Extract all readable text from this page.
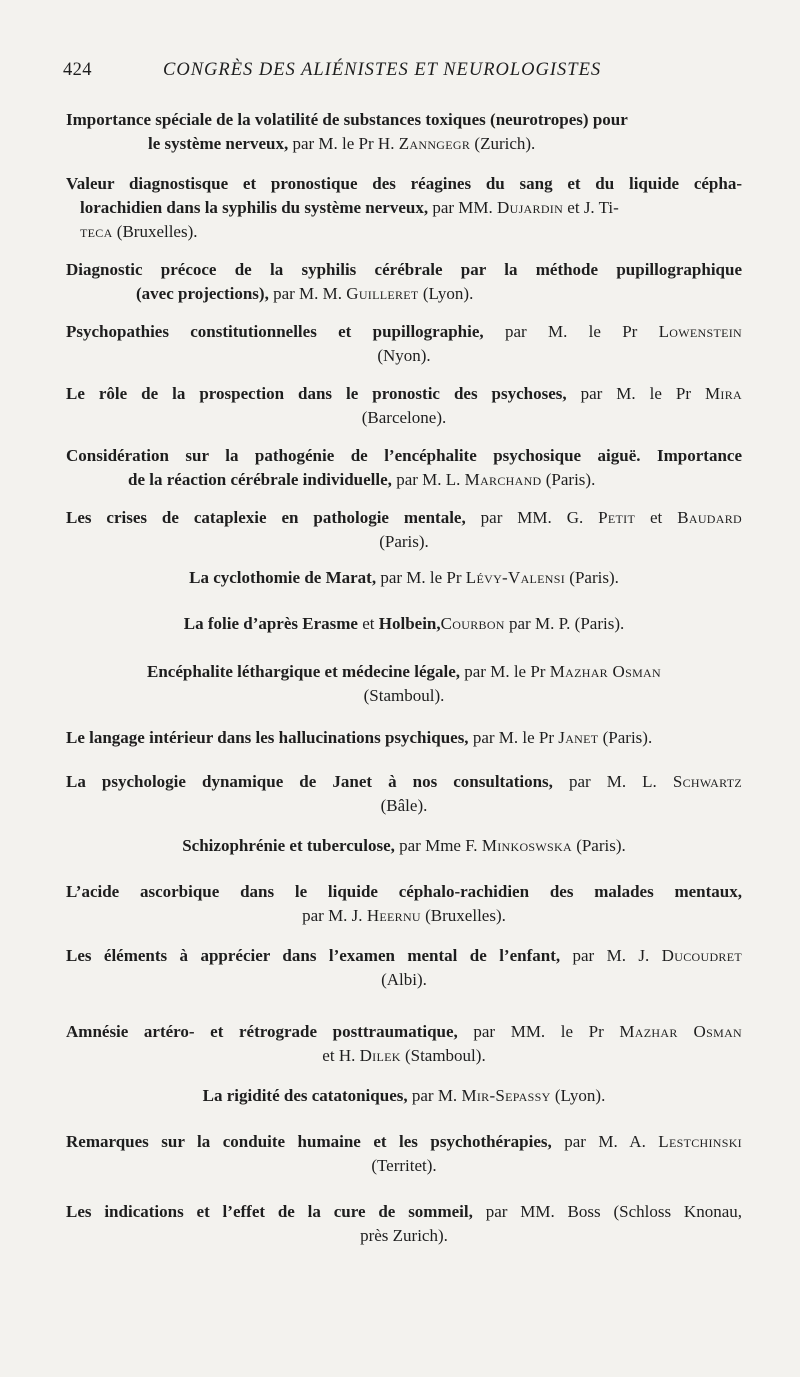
424	CONGRÈS DES ALIÉNISTES ET NEUROLOGISTES
Importance spéciale de la volatilité de substances toxiques (neurotropes) pour
le système nerveux, par M. le Pr H. Zanngegr (Zurich).
Valeur diagnostisque et pronostique des réagines du sang et du liquide cépha-
lorachidien dans la syphilis du système nerveux, par MM. Dujardin et J. Ti-
teca (Bruxelles).
Diagnostic précoce de la syphilis cérébrale par la méthode pupillographique
(avec projections), par M. M. Guilleret (Lyon).
Psychopathies constitutionnelles et pupillographie, par M. le Pr Lowenstein
(Nyon).
Le rôle de la prospection dans le pronostic des psychoses, par M. le Pr Mira
(Barcelone).
Considération sur la pathogénie de l’encéphalite psychosique aiguë. Importance
de la réaction cérébrale individuelle, par M. L. Marchand (Paris).
Les crises de cataplexie en pathologie mentale, par MM. G. Petit et Baudard
(Paris).
La cyclothomie de Marat, par M. le Pr Lévy-Valensi (Paris).
La folie d’après Erasme et Holbein,Courbon par M. P. (Paris).
Encéphalite léthargique et médecine légale, par M. le Pr Mazhar Osman
(Stamboul).
Le langage intérieur dans les hallucinations psychiques, par M. le Pr Janet (Paris).
La psychologie dynamique de Janet à nos consultations, par M. L. Schwartz
(Bâle).
Schizophrénie et tuberculose, par Mme F. Minkoswska (Paris).
L’acide ascorbique dans le liquide céphalo-rachidien des malades mentaux,
par M. J. Heernu (Bruxelles).
Les éléments à apprécier dans l’examen mental de l’enfant, par M. J. Ducoudret
(Albi).
Amnésie artéro- et rétrograde posttraumatique, par MM. le Pr Mazhar Osman
et H. Dilek (Stamboul).
La rigidité des catatoniques, par M. Mir-Sepassy (Lyon).
Remarques sur la conduite humaine et les psychothérapies, par M. A. Lestchinski
(Territet).
Les indications et l’effet de la cure de sommeil, par MM. Boss (Schloss Knonau,
près Zurich).
